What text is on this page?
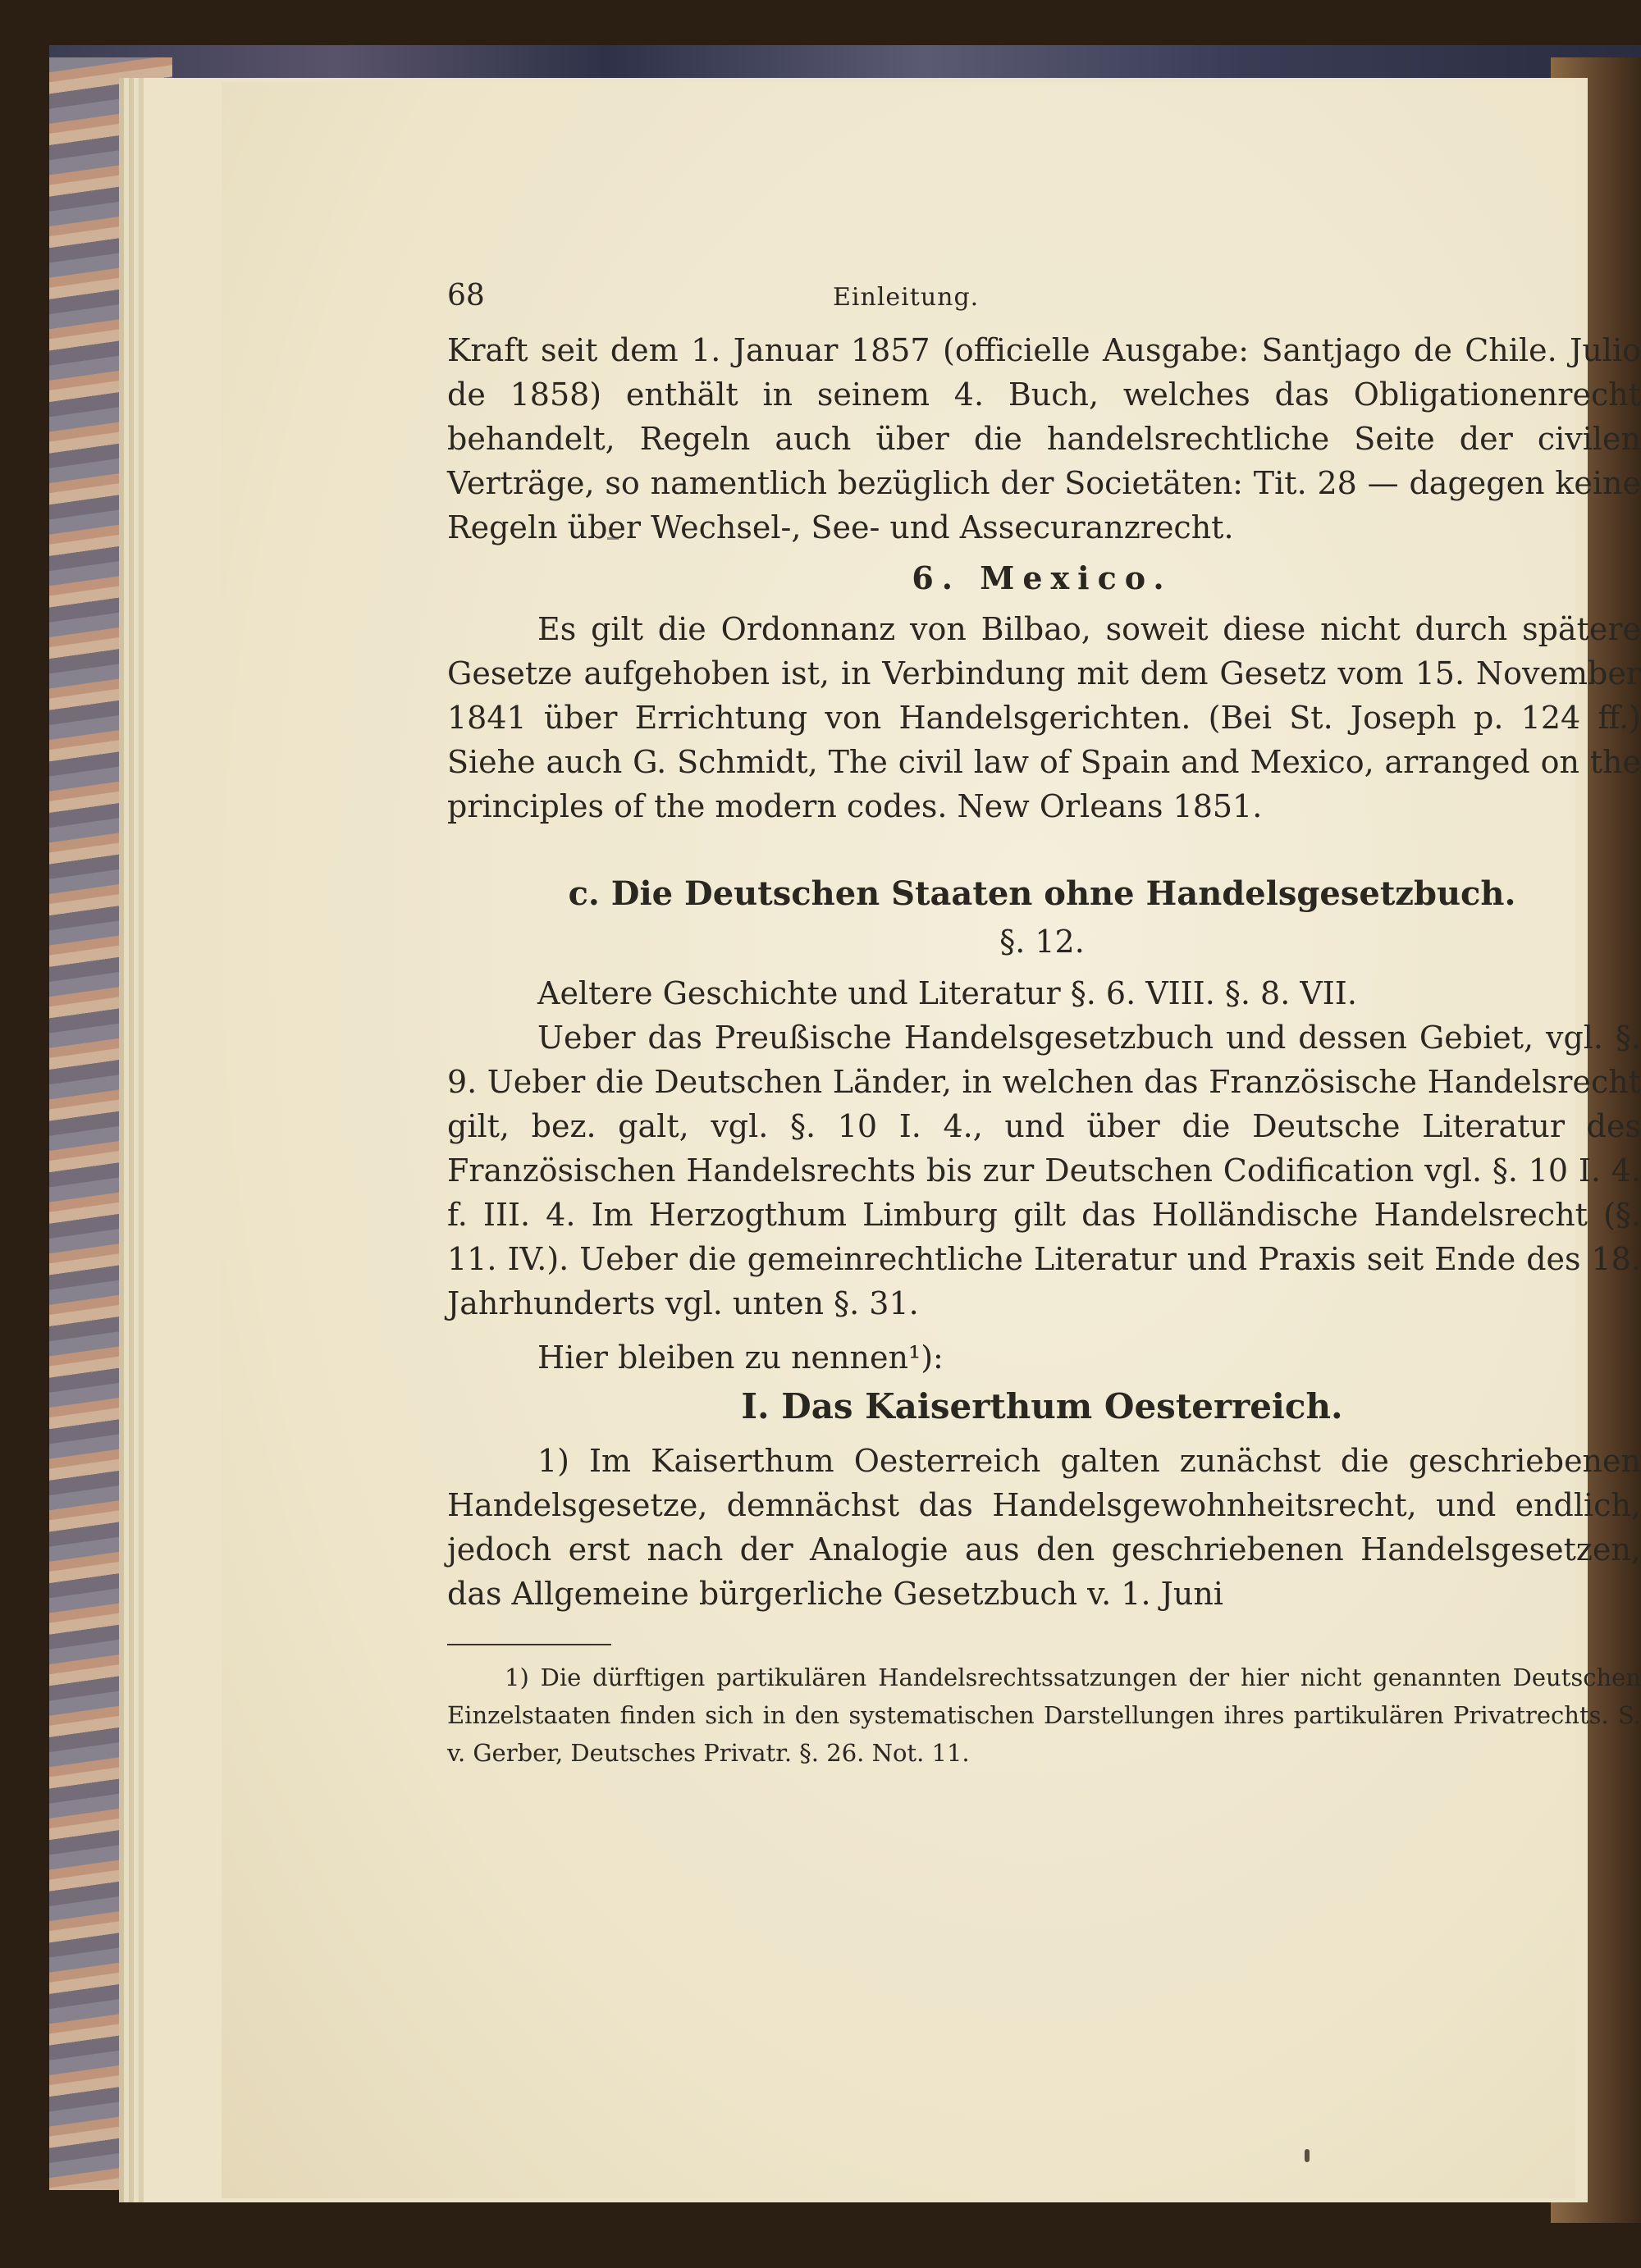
68	Einleitung.

Kraft seit dem 1. Januar 1857 (officielle Ausgabe: Santjago de Chile. Julio de 1858) enthält in seinem 4. Buch, welches das Obligationenrecht behandelt, Regeln auch über die handelsrechtliche Seite der civilen Verträge, so namentlich bezüglich der Societäten: Tit. 28 — dagegen keine Regeln über Wechsel-, See- und Assecuranzrecht.

6. Mexico.

Es gilt die Ordonnanz von Bilbao, soweit diese nicht durch spätere Gesetze aufgehoben ist, in Verbindung mit dem Gesetz vom 15. November 1841 über Errichtung von Handelsgerichten. (Bei St. Joseph p. 124 ff.) Siehe auch G. Schmidt, The civil law of Spain and Mexico, arranged on the principles of the modern codes. New Orleans 1851.

c. Die Deutschen Staaten ohne Handelsgesetzbuch.
§. 12.

Aeltere Geschichte und Literatur §. 6. VIII. §. 8. VII.

Ueber das Preußische Handelsgesetzbuch und dessen Gebiet, vgl. §. 9. Ueber die Deutschen Länder, in welchen das Französische Handelsrecht gilt, bez. galt, vgl. §. 10 I. 4., und über die Deutsche Literatur des Französischen Handelsrechts bis zur Deutschen Codification vgl. §. 10 I. 4. f. III. 4. Im Herzogthum Limburg gilt das Holländische Handelsrecht (§. 11. IV.). Ueber die gemeinrechtliche Literatur und Praxis seit Ende des 18. Jahrhunderts vgl. unten §. 31.

Hier bleiben zu nennen¹):

I. Das Kaiserthum Oesterreich.

1) Im Kaiserthum Oesterreich galten zunächst die geschriebenen Handelsgesetze, demnächst das Handelsgewohnheitsrecht, und endlich, jedoch erst nach der Analogie aus den geschriebenen Handelsgesetzen, das Allgemeine bürgerliche Gesetzbuch v. 1. Juni

1) Die dürftigen partikulären Handelsrechtssatzungen der hier nicht genannten Deutschen Einzelstaaten finden sich in den systematischen Darstellungen ihres partikulären Privatrechts. S. v. Gerber, Deutsches Privatr. §. 26. Not. 11.
